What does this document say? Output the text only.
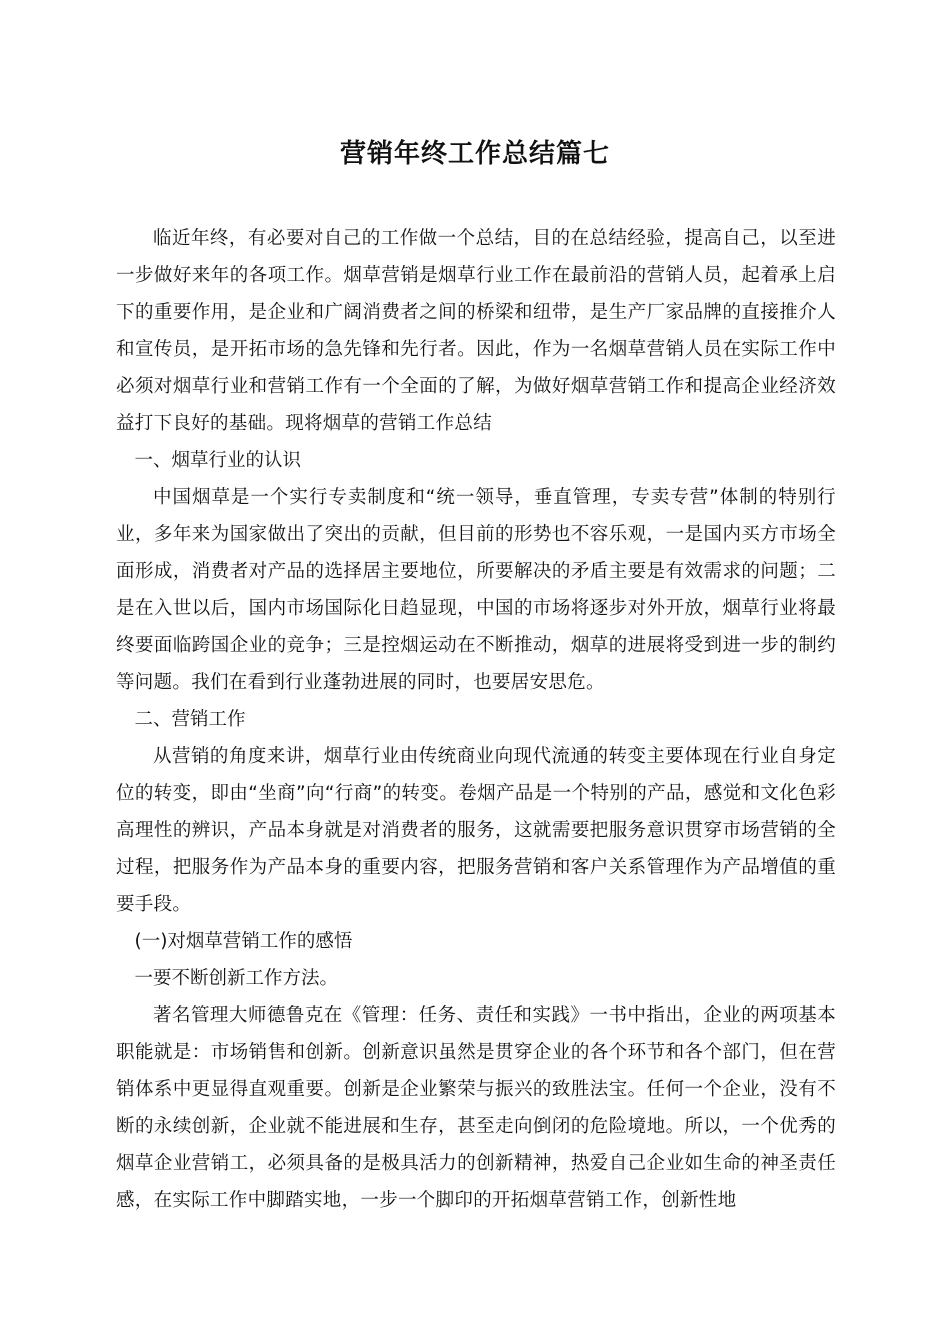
营销年终工作总结篇七

临近年终，有必要对自己的工作做一个总结，目的在总结经验，提高自己，以至进一步做好来年的各项工作。烟草营销是烟草行业工作在最前沿的营销人员，起着承上启下的重要作用，是企业和广阔消费者之间的桥梁和纽带，是生产厂家品牌的直接推介人和宣传员，是开拓市场的急先锋和先行者。因此，作为一名烟草营销人员在实际工作中必须对烟草行业和营销工作有一个全面的了解，为做好烟草营销工作和提高企业经济效益打下良好的基础。现将烟草的营销工作总结

一、烟草行业的认识

中国烟草是一个实行专卖制度和“统一领导，垂直管理，专卖专营”体制的特别行业，多年来为国家做出了突出的贡献，但目前的形势也不容乐观，一是国内买方市场全面形成，消费者对产品的选择居主要地位，所要解决的矛盾主要是有效需求的问题；二是在入世以后，国内市场国际化日趋显现，中国的市场将逐步对外开放，烟草行业将最终要面临跨国企业的竞争；三是控烟运动在不断推动，烟草的进展将受到进一步的制约等问题。我们在看到行业蓬勃进展的同时，也要居安思危。

二、营销工作

从营销的角度来讲，烟草行业由传统商业向现代流通的转变主要体现在行业自身定位的转变，即由“坐商”向“行商”的转变。卷烟产品是一个特别的产品，感觉和文化色彩高理性的辨识，产品本身就是对消费者的服务，这就需要把服务意识贯穿市场营销的全过程，把服务作为产品本身的重要内容，把服务营销和客户关系管理作为产品增值的重要手段。

(一)对烟草营销工作的感悟

一要不断创新工作方法。

著名管理大师德鲁克在《管理：任务、责任和实践》一书中指出，企业的两项基本职能就是：市场销售和创新。创新意识虽然是贯穿企业的各个环节和各个部门，但在营销体系中更显得直观重要。创新是企业繁荣与振兴的致胜法宝。任何一个企业，没有不断的永续创新，企业就不能进展和生存，甚至走向倒闭的危险境地。所以，一个优秀的烟草企业营销工，必须具备的是极具活力的创新精神，热爱自己企业如生命的神圣责任感，在实际工作中脚踏实地，一步一个脚印的开拓烟草营销工作，创新性地
